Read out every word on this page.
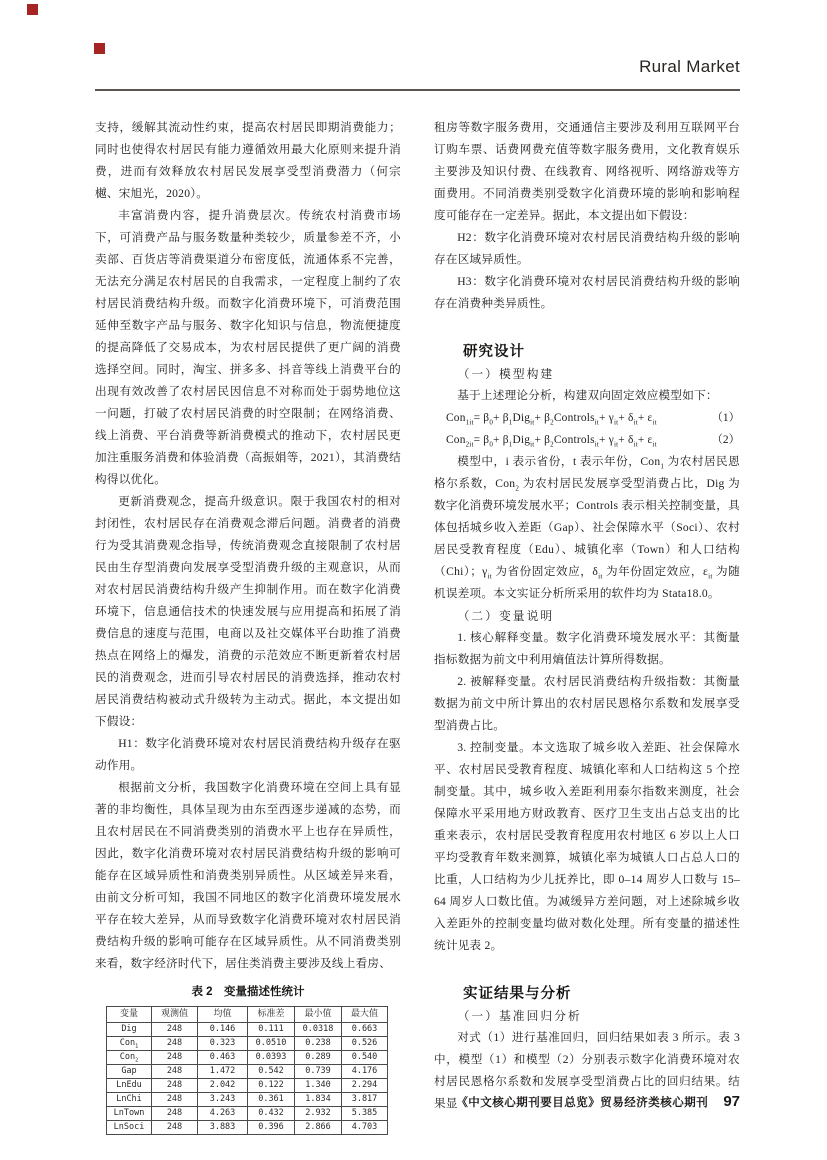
Rural Market

支持，缓解其流动性约束，提高农村居民即期消费能力；同时也使得农村居民有能力遵循效用最大化原则来提升消费，进而有效释放农村居民发展享受型消费潜力（何宗樾、宋旭光，2020）。

丰富消费内容，提升消费层次。传统农村消费市场下，可消费产品与服务数量种类较少，质量参差不齐，小卖部、百货店等消费渠道分布密度低，流通体系不完善，无法充分满足农村居民的自我需求，一定程度上制约了农村居民消费结构升级。而数字化消费环境下，可消费范围延伸至数字产品与服务、数字化知识与信息，物流便捷度的提高降低了交易成本，为农村居民提供了更广阔的消费选择空间。同时，淘宝、拼多多、抖音等线上消费平台的出现有效改善了农村居民因信息不对称而处于弱势地位这一问题，打破了农村居民消费的时空限制；在网络消费、线上消费、平台消费等新消费模式的推动下，农村居民更加注重服务消费和体验消费（高振娟等，2021），其消费结构得以优化。

更新消费观念，提高升级意识。限于我国农村的相对封闭性，农村居民存在消费观念滞后问题。消费者的消费行为受其消费观念指导，传统消费观念直接限制了农村居民由生存型消费向发展享受型消费升级的主观意识，从而对农村居民消费结构升级产生抑制作用。而在数字化消费环境下，信息通信技术的快速发展与应用提高和拓展了消费信息的速度与范围，电商以及社交媒体平台助推了消费热点在网络上的爆发，消费的示范效应不断更新着农村居民的消费观念，进而引导农村居民的消费选择，推动农村居民消费结构被动式升级转为主动式。据此，本文提出如下假设：

H1：数字化消费环境对农村居民消费结构升级存在驱动作用。

根据前文分析，我国数字化消费环境在空间上具有显著的非均衡性，具体呈现为由东至西逐步递减的态势，而且农村居民在不同消费类别的消费水平上也存在异质性，因此，数字化消费环境对农村居民消费结构升级的影响可能存在区域异质性和消费类别异质性。从区域差异来看，由前文分析可知，我国不同地区的数字化消费环境发展水平存在较大差异，从而导致数字化消费环境对农村居民消费结构升级的影响可能存在区域异质性。从不同消费类别来看，数字经济时代下，居住类消费主要涉及线上看房、

表 2　变量描述性统计
变量	观测值	均值	标准差	最小值	最大值
Dig	248	0.146	0.111	0.0318	0.663
Con$_1$	248	0.323	0.0510	0.238	0.526
Con$_2$	248	0.463	0.0393	0.289	0.540
Gap	248	1.472	0.542	0.739	4.176
LnEdu	248	2.042	0.122	1.340	2.294
LnChi	248	3.243	0.361	1.834	3.817
LnTown	248	4.263	0.432	2.932	5.385
LnSoci	248	3.883	0.396	2.866	4.703

租房等数字服务费用，交通通信主要涉及利用互联网平台订购车票、话费网费充值等数字服务费用，文化教育娱乐主要涉及知识付费、在线教育、网络视听、网络游戏等方面费用。不同消费类别受数字化消费环境的影响和影响程度可能存在一定差异。据此，本文提出如下假设：

H2：数字化消费环境对农村居民消费结构升级的影响存在区域异质性。

H3：数字化消费环境对农村居民消费结构升级的影响存在消费种类异质性。

研究设计

（一）模型构建

基于上述理论分析，构建双向固定效应模型如下：

$Con_{1it}= \beta_0+ \beta_1Dig_{it}+$ $\beta_2Controls_{it}+ \gamma_{it}+ \delta_{it}+ \varepsilon_{it}$	（1）
$Con_{2it}= \beta_0+ \beta_1Dig_{it}+$ $\beta_2Controls_{it}+ \gamma_{it}+ \delta_{it}+ \varepsilon_{it}$	（2）

模型中，i 表示省份，t 表示年份，Con$_1$ 为农村居民恩格尔系数，Con$_2$ 为农村居民发展享受型消费占比，Dig 为数字化消费环境发展水平；Controls 表示相关控制变量，具体包括城乡收入差距（Gap）、社会保障水平（Soci）、农村居民受教育程度（Edu）、城镇化率（Town）和人口结构（Chi）；$\gamma_{it}$ 为省份固定效应，$\delta_{it}$ 为年份固定效应，$\varepsilon_{it}$ 为随机误差项。本文实证分析所采用的软件均为 Stata18.0。

（二）变量说明

1. 核心解释变量。数字化消费环境发展水平：其衡量指标数据为前文中利用熵值法计算所得数据。

2. 被解释变量。农村居民消费结构升级指数：其衡量数据为前文中所计算出的农村居民恩格尔系数和发展享受型消费占比。

3. 控制变量。本文选取了城乡收入差距、社会保障水平、农村居民受教育程度、城镇化率和人口结构这 5 个控制变量。其中，城乡收入差距利用泰尔指数来测度，社会保障水平采用地方财政教育、医疗卫生支出占总支出的比重来表示，农村居民受教育程度用农村地区 6 岁以上人口平均受教育年数来测算，城镇化率为城镇人口占总人口的比重，人口结构为少儿抚养比，即 0–14 周岁人口数与 15–64 周岁人口数比值。为减缓异方差问题，对上述除城乡收入差距外的控制变量均做对数化处理。所有变量的描述性统计见表 2。

实证结果与分析

（一）基准回归分析

对式（1）进行基准回归，回归结果如表 3 所示。表 3 中，模型（1）和模型（2）分别表示数字化消费环境对农村居民恩格尔系数和发展享受型消费占比的回归结果。结果显

《中文核心期刊要目总览》贸易经济类核心期刊 97
